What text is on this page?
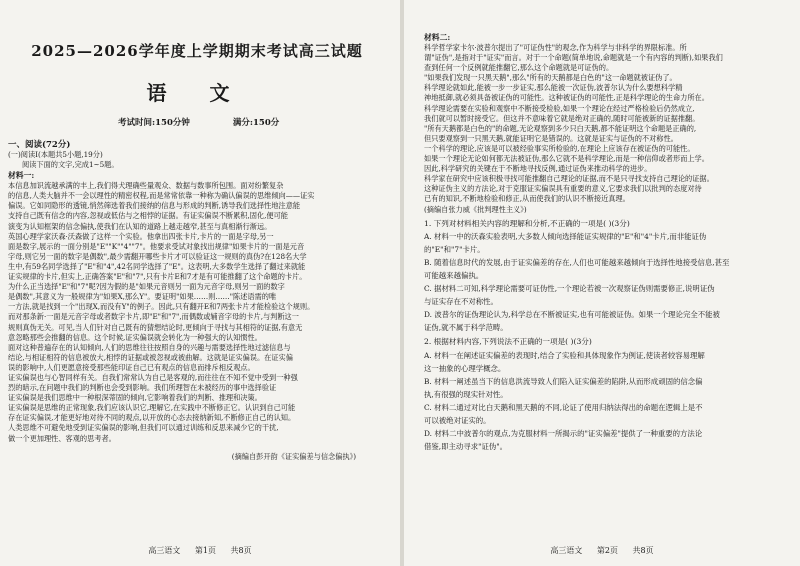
2025—2026学年度上学期期末考试高三试题

语 文

考试时间:150分钟	满分:150分

一、阅读(72分)

(一)阅读Ⅰ(本题共5小题,19分)

阅读下面的文字,完成1~5题。

材料一:

本信息加识流越承满的丰上,我们得犬理确些量观众、数据与数事所包围。面对纷繁复杂

的信息,人类大脑并不一会以理性的精密权程,而是常常依靠一种称为确认偏误的思维倾向——证实

偏误。它如同隐形的透镜,悄然筛选着我们接纳的信息与形成的判断,诱导我们选择性地注意能

支持自己既有信念的内容,忽视或低估与之相悖的证据。有证实偏误不断累积,固化,便可能

演变为认知框架的信念偏执,使我们在认知的道路上越走越窄,甚至与真相渐行渐远。

英国心理学家沃森·沃森做了这样一个实验。他拿出四张卡片,卡片的一面是字母,另一

面是数字,展示的一面分别是"E""K""4""7"。他要求受试对象找出规律"如果卡片的一面是元音

字母,则它另一面的数字是偶数",最少需翻开哪些卡片才可以验证这一规则的真伪?在128名大学

生中,有59名同学选择了"E"和"4",42名同学选择了"E"。这表明,大多数学生选择了翻过来就能

证实规律的卡片,但实上,正确答案"E"和"7",只有卡片E和7才是有可能推翻了这个命题的卡片。

为什么正当选择"E"和"7"呢?因为假的是"如果元音则另一面为元音字母,则另一面的数字

是偶数",其意义为一般规律为"如果X,那么Y"。要证明"如果……则……"陈述语需的唯

一方法,就是找到一个"出现X,而没有Y"的例子。因此,只有翻开E和7两张卡片才能检验这个规则。

而对那条新·一面是元音字母或者数字卡片,即"E"和"7",而偶数或辅音字母的卡片,与判断这一

规则真伪无关。可见,当人们针对自己既有的猜想结论时,更倾向于寻找与其相符的证据,有意无

意忽略那些会推翻的信息。这个时候,证实偏误就会转化为一种强大的认知惯性。

面对这种普遍存在的认知倾向,人们的思维往往按照自身的兴趣与需要选择性地过滤信息与

结论,与相证相符的信息被放大,相悖的证据或被忽视或被曲解。这就是证实偏误。在证实偏

误的影响中,人们更愿意接受那些能印证自己已有观点的信息而排斥相反观点。

证实偏误也与心智同样有关。自我们常常认为自己是客观的,而往往在不知不觉中受到一种强

烈的暗示,在问题中我们的判断也会受到影响。我们所理智在未被经历的事中选择验证

证实偏误是我们思维中一种根深蒂固的倾向,它影响着我们的判断、推理和决策。

证实偏误是思维的正常现象,我们应该认识它,理解它,在实践中不断修正它。认识到自己可能

存在证实偏误,才能更好地对待不同的观点,以开放的心态去接纳新知,不断修正自己的认知。

人类思维不可避免地受到证实偏误的影响,但我们可以通过训练和反思来减少它的干扰,

做一个更加理性、客观的思考者。

(摘编自彭开韵《证实偏差与信念偏执》)

高三语文 第1页 共8页

材料二:

科学哲学家卡尔·波普尔提出了"可证伪性"的观念,作为科学与非科学的界限标准。所

谓"证伪",是指对于"证实"而言。对于一个命题(简单地说,命题就是一个有内容的判断),如果我们

查到任何一个反例就能推翻它,那么这个命题就是可证伪的。

"如果我们发现一只黑天鹅",那么"所有的天鹅都是白色的"这一命题就被证伪了。

科学理论就如此,能被一步一步证实,那么能被一次证伪,波普尔认为什么要想科学精

神地抵御,就必须具备被证伪的可能性。这种被证伪的可能性,正是科学理论的生命力所在。

科学理论需要在实验和观察中不断接受检验,如果一个理论在经过严格检验后仍然成立,

我们就可以暂时接受它。但这并不意味着它就是绝对正确的,随时可能被新的证据推翻。

"所有天鹅都是白色的"的命题,无论观察到多少只白天鹅,都不能证明这个命题是正确的,

但只要观察到一只黑天鹅,就能证明它是错误的。这就是证实与证伪的不对称性。

一个科学的理论,应该是可以被经验事实所检验的,在理论上应该存在被证伪的可能性。

如果一个理论无论如何都无法被证伪,那么它就不是科学理论,而是一种信仰或者形而上学。

因此,科学研究的关键在于不断地寻找反例,通过证伪来推动科学的进步。

科学家在研究中应该积极寻找可能推翻自己理论的证据,而不是只寻找支持自己理论的证据。

这种证伪主义的方法论,对于克服证实偏误具有重要的意义,它要求我们以批判的态度对待

已有的知识,不断地检验和修正,从而使我们的认识不断接近真理。

(摘编自张力威《批判理性主义》)

1. 下列对材料相关内容的理解和分析,不正确的一项是( )(3分)

A. 材料一中的沃森实验表明,大多数人倾向选择能证实规律的"E"和"4"卡片,而非能证伪

的"E"和"7"卡片。

B. 随着信息时代的发展,由于证实偏差的存在,人们也可能越来越倾向于选择性地接受信息,甚至

可能越来越偏执。

C. 据材料二可知,科学理论需要可证伪性,一个理论若被一次观察证伪则需要修正,说明证伪

与证实存在不对称性。

D. 波普尔的证伪理论认为,科学总在不断被证实,也有可能被证伪。如果一个理论完全不能被

证伪,就不属于科学范畴。

2. 根据材料内容,下列说法不正确的一项是( )(3分)

A. 材料一在阐述证实偏差的表现时,结合了实验和具体现象作为例证,使读者较容易理解

这一抽象的心理学概念。

B. 材料一阐述虽当下的信息洪流导致人们陷入证实偏差的陷阱,从而形成顽固的信念偏

执,有很强的现实针对性。

C. 材料二通过对比白天鹅和黑天鹅的不同,论证了使用归纳法得出的命题在逻辑上是不

可以被绝对证实的。

D. 材料二中波普尔的观点,为克服材料一所揭示的"证实偏差"提供了一种重要的方法论

借鉴,即主动寻求"证伪"。

高三语文 第2页 共8页
